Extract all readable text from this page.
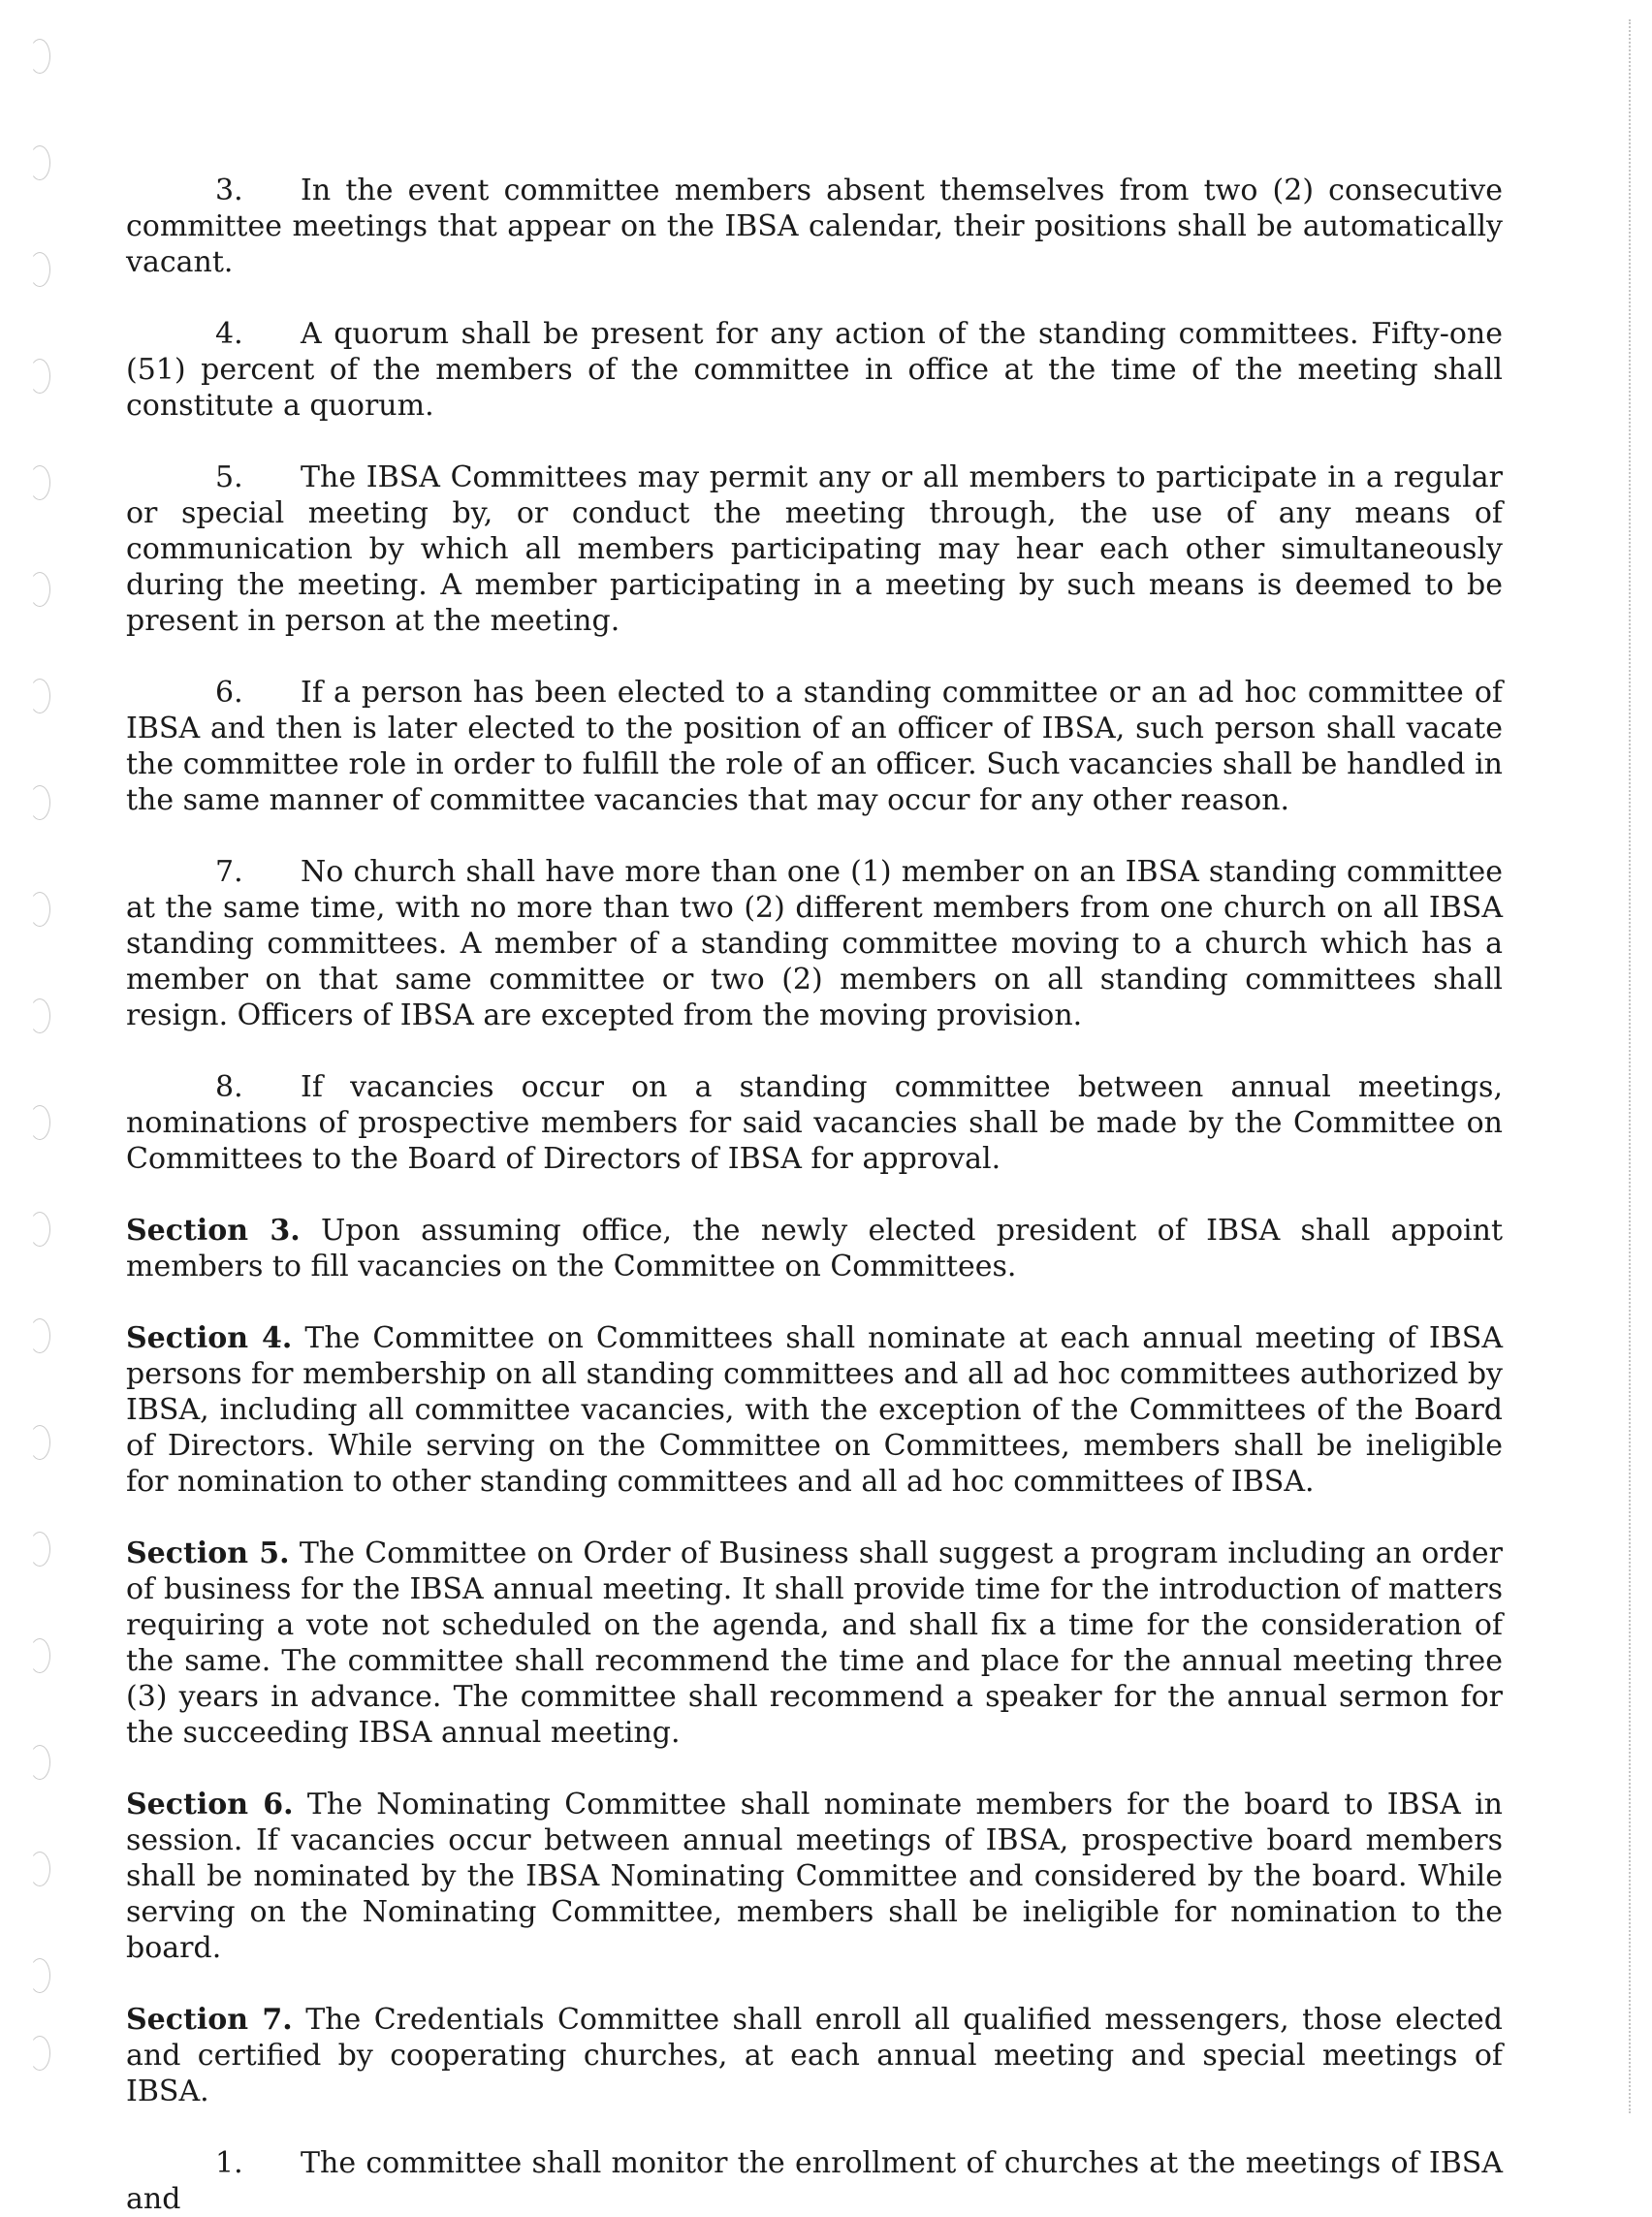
3. In the event committee members absent themselves from two (2) consecutive committee meetings that appear on the IBSA calendar, their positions shall be automatically vacant.

4. A quorum shall be present for any action of the standing committees. Fifty-one (51) percent of the members of the committee in office at the time of the meeting shall constitute a quorum.

5. The IBSA Committees may permit any or all members to participate in a regular or special meeting by, or conduct the meeting through, the use of any means of communication by which all members participating may hear each other simultaneously during the meeting. A member participating in a meeting by such means is deemed to be present in person at the meeting.

6. If a person has been elected to a standing committee or an ad hoc committee of IBSA and then is later elected to the position of an officer of IBSA, such person shall vacate the committee role in order to fulfill the role of an officer. Such vacancies shall be handled in the same manner of committee vacancies that may occur for any other reason.

7. No church shall have more than one (1) member on an IBSA standing committee at the same time, with no more than two (2) different members from one church on all IBSA standing committees. A member of a standing committee moving to a church which has a member on that same committee or two (2) members on all standing committees shall resign. Officers of IBSA are excepted from the moving provision.

8. If vacancies occur on a standing committee between annual meetings, nominations of prospective members for said vacancies shall be made by the Committee on Committees to the Board of Directors of IBSA for approval.

Section 3. Upon assuming office, the newly elected president of IBSA shall appoint members to fill vacancies on the Committee on Committees.

Section 4. The Committee on Committees shall nominate at each annual meeting of IBSA persons for membership on all standing committees and all ad hoc committees authorized by IBSA, including all committee vacancies, with the exception of the Committees of the Board of Directors. While serving on the Committee on Committees, members shall be ineligible for nomination to other standing committees and all ad hoc committees of IBSA.

Section 5. The Committee on Order of Business shall suggest a program including an order of business for the IBSA annual meeting. It shall provide time for the introduction of matters requiring a vote not scheduled on the agenda, and shall fix a time for the consideration of the same. The committee shall recommend the time and place for the annual meeting three (3) years in advance. The committee shall recommend a speaker for the annual sermon for the succeeding IBSA annual meeting.

Section 6. The Nominating Committee shall nominate members for the board to IBSA in session. If vacancies occur between annual meetings of IBSA, prospective board members shall be nominated by the IBSA Nominating Committee and considered by the board. While serving on the Nominating Committee, members shall be ineligible for nomination to the board.

Section 7. The Credentials Committee shall enroll all qualified messengers, those elected and certified by cooperating churches, at each annual meeting and special meetings of IBSA.

1. The committee shall monitor the enrollment of churches at the meetings of IBSA and
